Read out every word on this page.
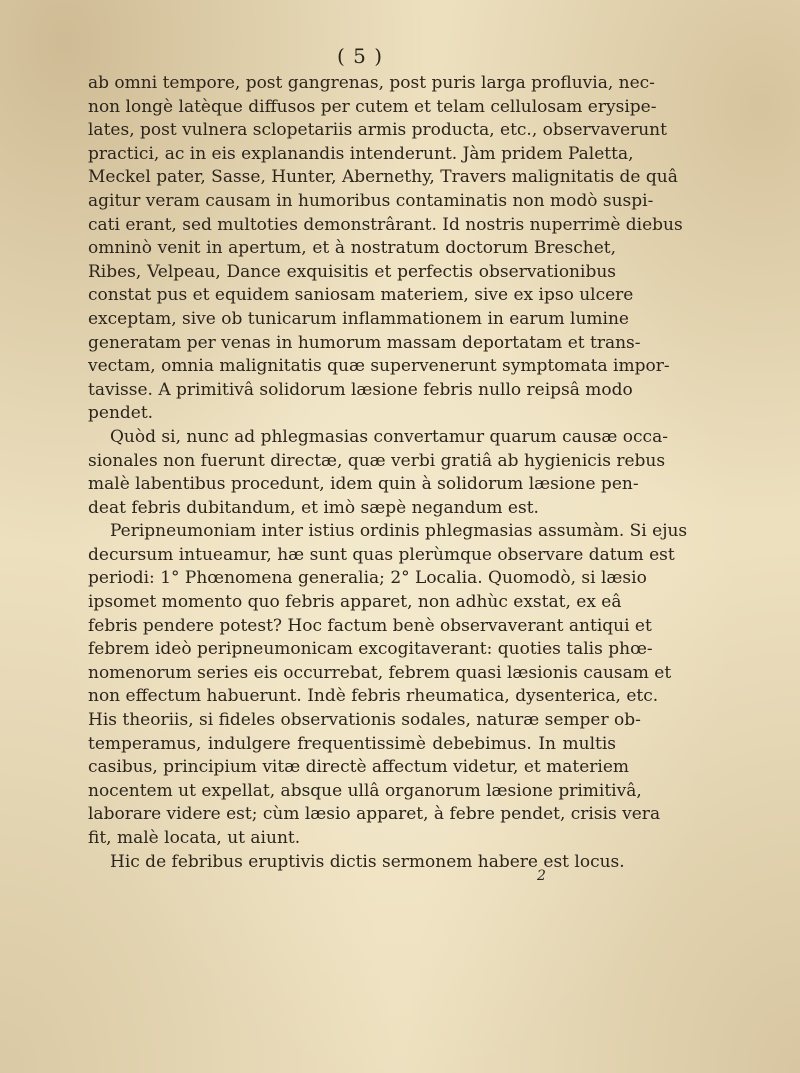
( 5 )
ab omni tempore, post gangrenas, post puris larga profluvia, nec-
non longè latèque diffusos per cutem et telam cellulosam erysipe-
lates, post vulnera sclopetariis armis producta, etc., observaverunt
practici, ac in eis explanandis intenderunt. Jàm pridem Paletta,
Meckel pater, Sasse, Hunter, Abernethy, Travers malignitatis de quâ
agitur veram causam in humoribus contaminatis non modò suspi-
cati erant, sed multoties demonstrârant. Id nostris nuperrimè diebus
omninò venit in apertum, et à nostratum doctorum Breschet,
Ribes, Velpeau, Dance exquisitis et perfectis observationibus
constat pus et equidem saniosam materiem, sive ex ipso ulcere
exceptam, sive ob tunicarum inflammationem in earum lumine
generatam per venas in humorum massam deportatam et trans-
vectam, omnia malignitatis quæ supervenerunt symptomata impor-
tavisse. A primitivâ solidorum læsione febris nullo reipsâ modo
pendet.
Quòd si, nunc ad phlegmasias convertamur quarum causæ occa-
sionales non fuerunt directæ, quæ verbi gratiâ ab hygienicis rebus
malè labentibus procedunt, idem quin à solidorum læsione pen-
deat febris dubitandum, et imò sæpè negandum est.
Peripneumoniam inter istius ordinis phlegmasias assumàm. Si ejus
decursum intueamur, hæ sunt quas plerùmque observare datum est
periodi: 1° Phœnomena generalia; 2° Localia. Quomodò, si læsio
ipsomet momento quo febris apparet, non adhùc exstat, ex eâ
febris pendere potest? Hoc factum benè observaverant antiqui et
febrem ideò peripneumonicam excogitaverant: quoties talis phœ-
nomenorum series eis occurrebat, febrem quasi læsionis causam et
non effectum habuerunt. Indè febris rheumatica, dysenterica, etc.
His theoriis, si fideles observationis sodales, naturæ semper ob-
temperamus, indulgere frequentissimè debebimus. In multis
casibus, principium vitæ directè affectum videtur, et materiem
nocentem ut expellat, absque ullâ organorum læsione primitivâ,
laborare videre est; cùm læsio apparet, à febre pendet, crisis vera
fit, malè locata, ut aiunt.
Hic de febribus eruptivis dictis sermonem habere est locus.
2
